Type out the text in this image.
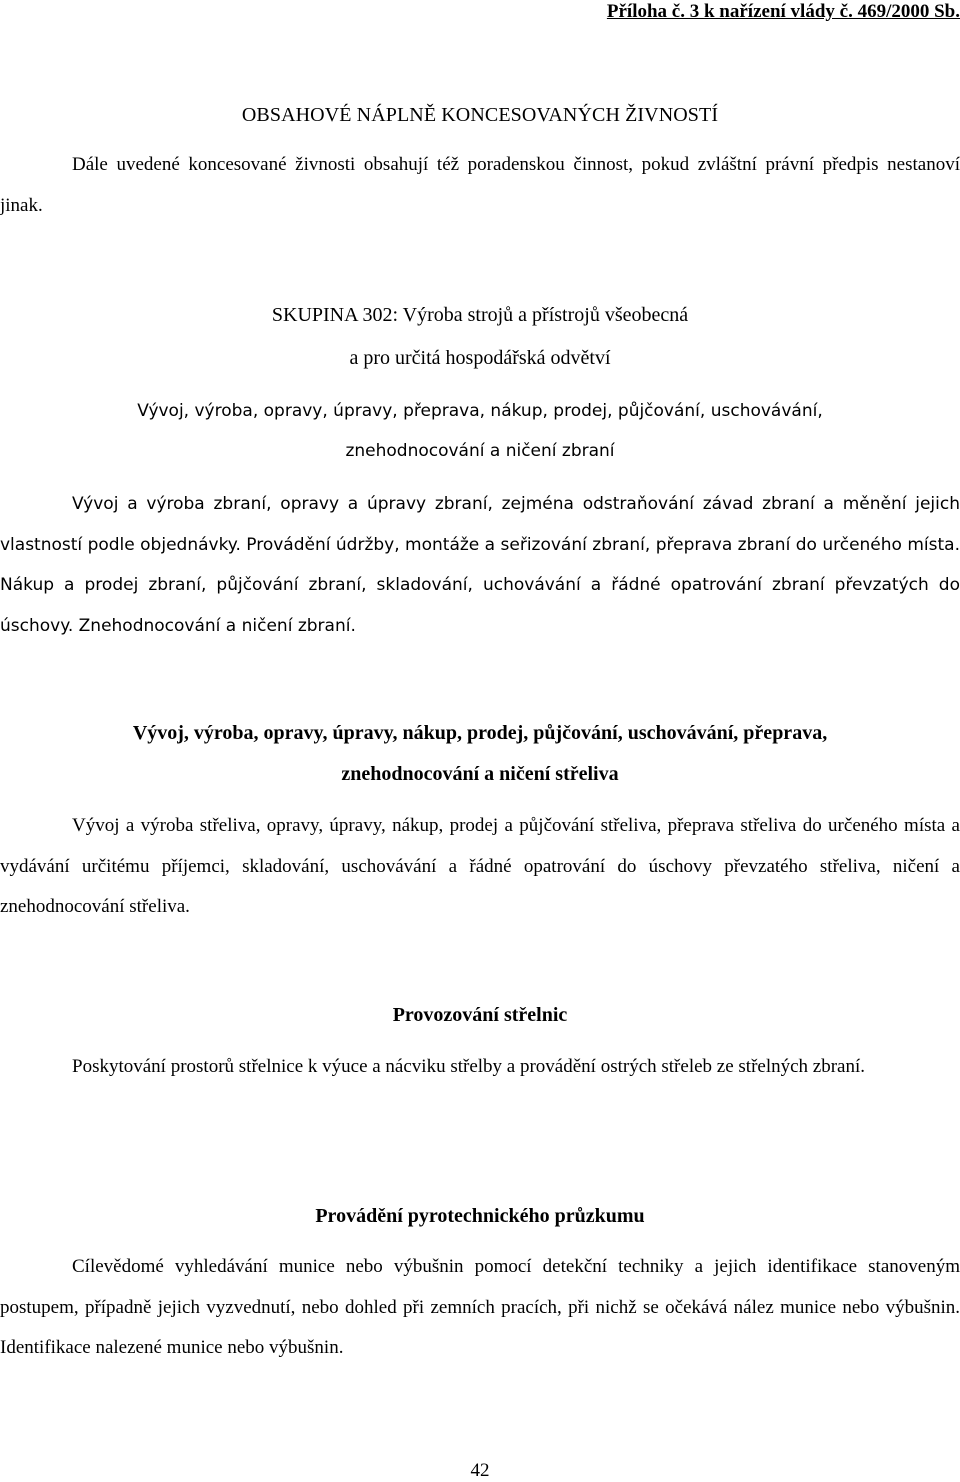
Příloha č. 3 k nařízení vlády č. 469/2000 Sb.
OBSAHOVÉ NÁPLNĚ KONCESOVANÝCH ŽIVNOSTÍ

Dále uvedené koncesované živnosti obsahují též poradenskou činnost, pokud zvláštní právní předpis nestanoví jinak.

SKUPINA 302: Výroba strojů a přístrojů všeobecná
a pro určitá hospodářská odvětví
Vývoj, výroba, opravy, úpravy, přeprava, nákup, prodej, půjčování, uschovávání,
znehodnocování a ničení zbraní

Vývoj a výroba zbraní, opravy a úpravy zbraní, zejména odstraňování závad zbraní a měnění jejich vlastností podle objednávky. Provádění údržby, montáže a seřizování zbraní, přeprava zbraní do určeného místa. Nákup a prodej zbraní, půjčování zbraní, skladování, uchovávání a řádné opatrování zbraní převzatých do úschovy. Znehodnocování a ničení zbraní.

Vývoj, výroba, opravy, úpravy, nákup, prodej, půjčování, uschovávání, přeprava,
znehodnocování a ničení střeliva

Vývoj a výroba střeliva, opravy, úpravy, nákup, prodej a půjčování střeliva, přeprava střeliva do určeného místa a vydávání určitému příjemci, skladování, uschovávání a řádné opatrování do úschovy převzatého střeliva, ničení a znehodnocování střeliva.

Provozování střelnic

Poskytování prostorů střelnice k výuce a nácviku střelby a provádění ostrých střeleb ze střelných zbraní.

Provádění pyrotechnického průzkumu

Cílevědomé vyhledávání munice nebo výbušnin pomocí detekční techniky a jejich identifikace stanoveným postupem, případně jejich vyzvednutí, nebo dohled při zemních pracích, při nichž se očekává nález munice nebo výbušnin. Identifikace nalezené munice nebo výbušnin.

42
